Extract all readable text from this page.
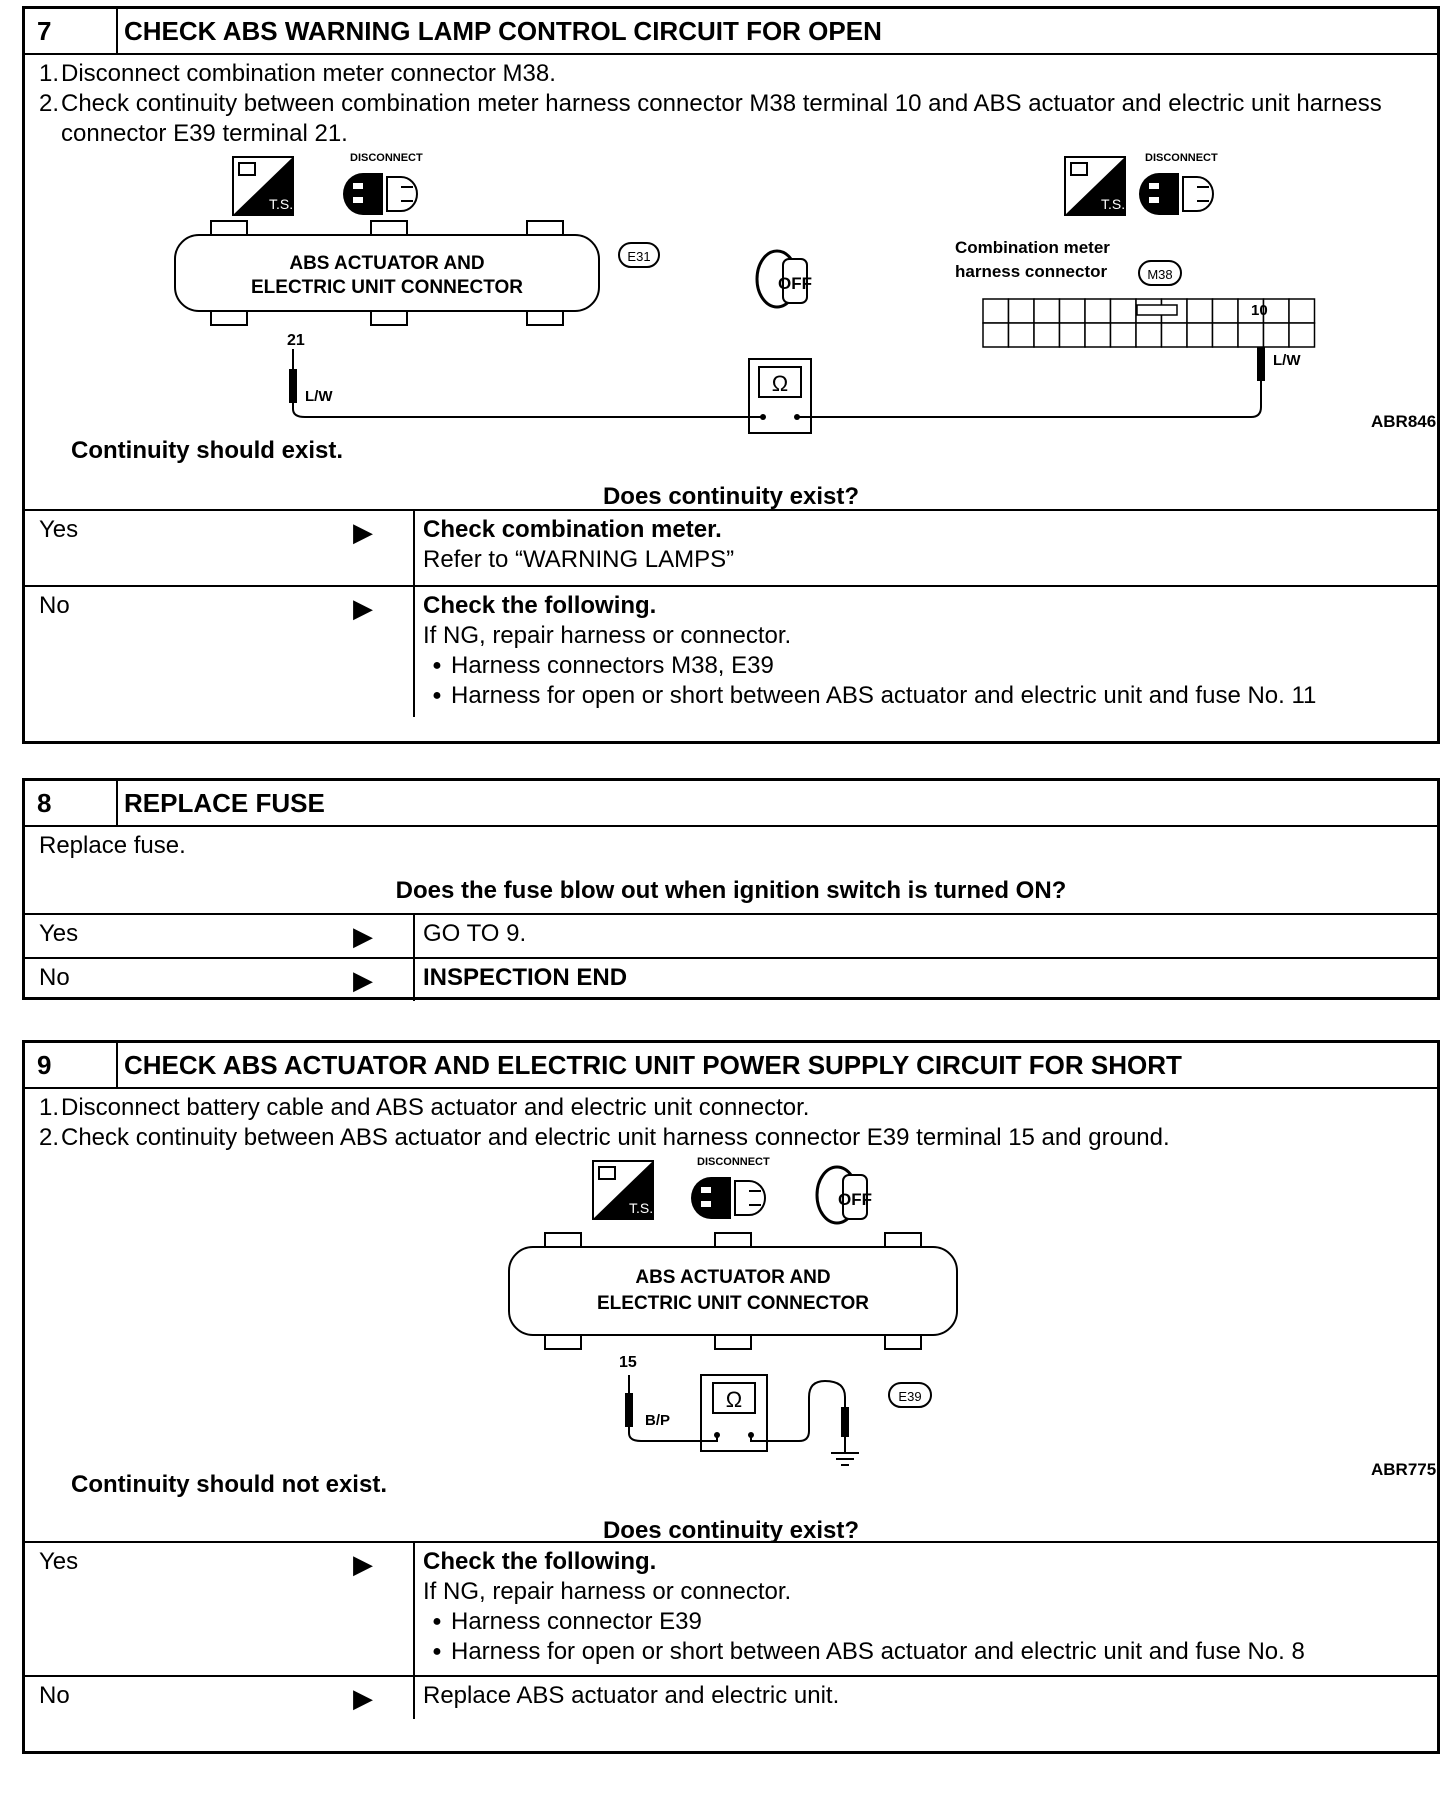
7	CHECK ABS WARNING LAMP CONTROL CIRCUIT FOR OPEN
1. Disconnect combination meter connector M38.
2. Check continuity between combination meter harness connector M38 terminal 10 and ABS actuator and electric unit harness connector E39 terminal 21.
T.S.
DISCONNECT
ABS ACTUATOR AND
ELECTRIC UNIT CONNECTOR
21
E31
OFF
Ω
L/W
L/W
T.S.
DISCONNECT
Combination meter
harness connector	M38
10
ABR846
Continuity should exist.
Does continuity exist?
Yes	▶ Check combination meter.
Refer to “WARNING LAMPS”
No	▶ Check the following.
If NG, repair harness or connector.
● Harness connectors M38, E39
● Harness for open or short between ABS actuator and electric unit and fuse No. 11
8	REPLACE FUSE
Replace fuse.
Does the fuse blow out when ignition switch is turned ON?
Yes	▶	GO TO 9.
No	▶	INSPECTION END
9	CHECK ABS ACTUATOR AND ELECTRIC UNIT POWER SUPPLY CIRCUIT FOR SHORT
1. Disconnect battery cable and ABS actuator and electric unit connector.
2. Check continuity between ABS actuator and electric unit harness connector E39 terminal 15 and ground.
T.S.
DISCONNECT
OFF
ABS ACTUATOR AND
ELECTRIC UNIT CONNECTOR
15
Ω
B/P
E39
ABR775
Continuity should not exist.
Does continuity exist?
Yes	▶ Check the following.
If NG, repair harness or connector.
● Harness connector E39
● Harness for open or short between ABS actuator and electric unit and fuse No. 8
No	▶	Replace ABS actuator and electric unit.
